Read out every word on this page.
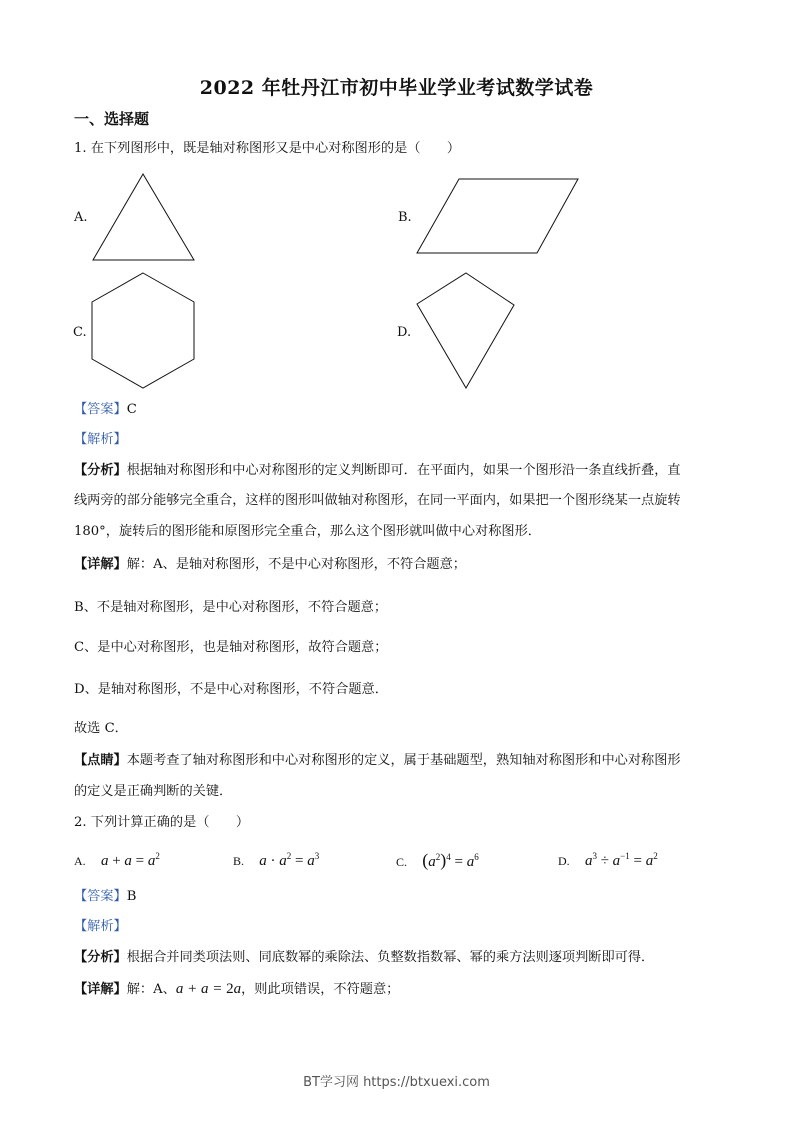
2022 年牡丹江市初中毕业学业考试数学试卷
一、选择题
1. 在下列图形中，既是轴对称图形又是中心对称图形的是（　　）
A.	B.
C.	D.
【答案】C
【解析】
【分析】根据轴对称图形和中心对称图形的定义判断即可．在平面内，如果一个图形沿一条直线折叠，直
线两旁的部分能够完全重合，这样的图形叫做轴对称图形，在同一平面内，如果把一个图形绕某一点旋转
180°，旋转后的图形能和原图形完全重合，那么这个图形就叫做中心对称图形．
【详解】解：A、是轴对称图形，不是中心对称图形，不符合题意；
B、不是轴对称图形，是中心对称图形，不符合题意；
C、是中心对称图形，也是轴对称图形，故符合题意；
D、是轴对称图形，不是中心对称图形，不符合题意．
故选 C．
【点睛】本题考查了轴对称图形和中心对称图形的定义，属于基础题型，熟知轴对称图形和中心对称图形
的定义是正确判断的关键．
2. 下列计算正确的是（　　）
A. $a + a = a^2$	B. $a \cdot a^2 = a^3$	C. $(a^2)^4 = a^6$	D. $a^3 \div a^{-1} = a^2$
【答案】B
【解析】
【分析】根据合并同类项法则、同底数幂的乘除法、负整数指数幂、幂的乘方法则逐项判断即可得．
【详解】解：A、a + a = 2a，则此项错误，不符题意；
BT学习网 https://btxuexi.com
